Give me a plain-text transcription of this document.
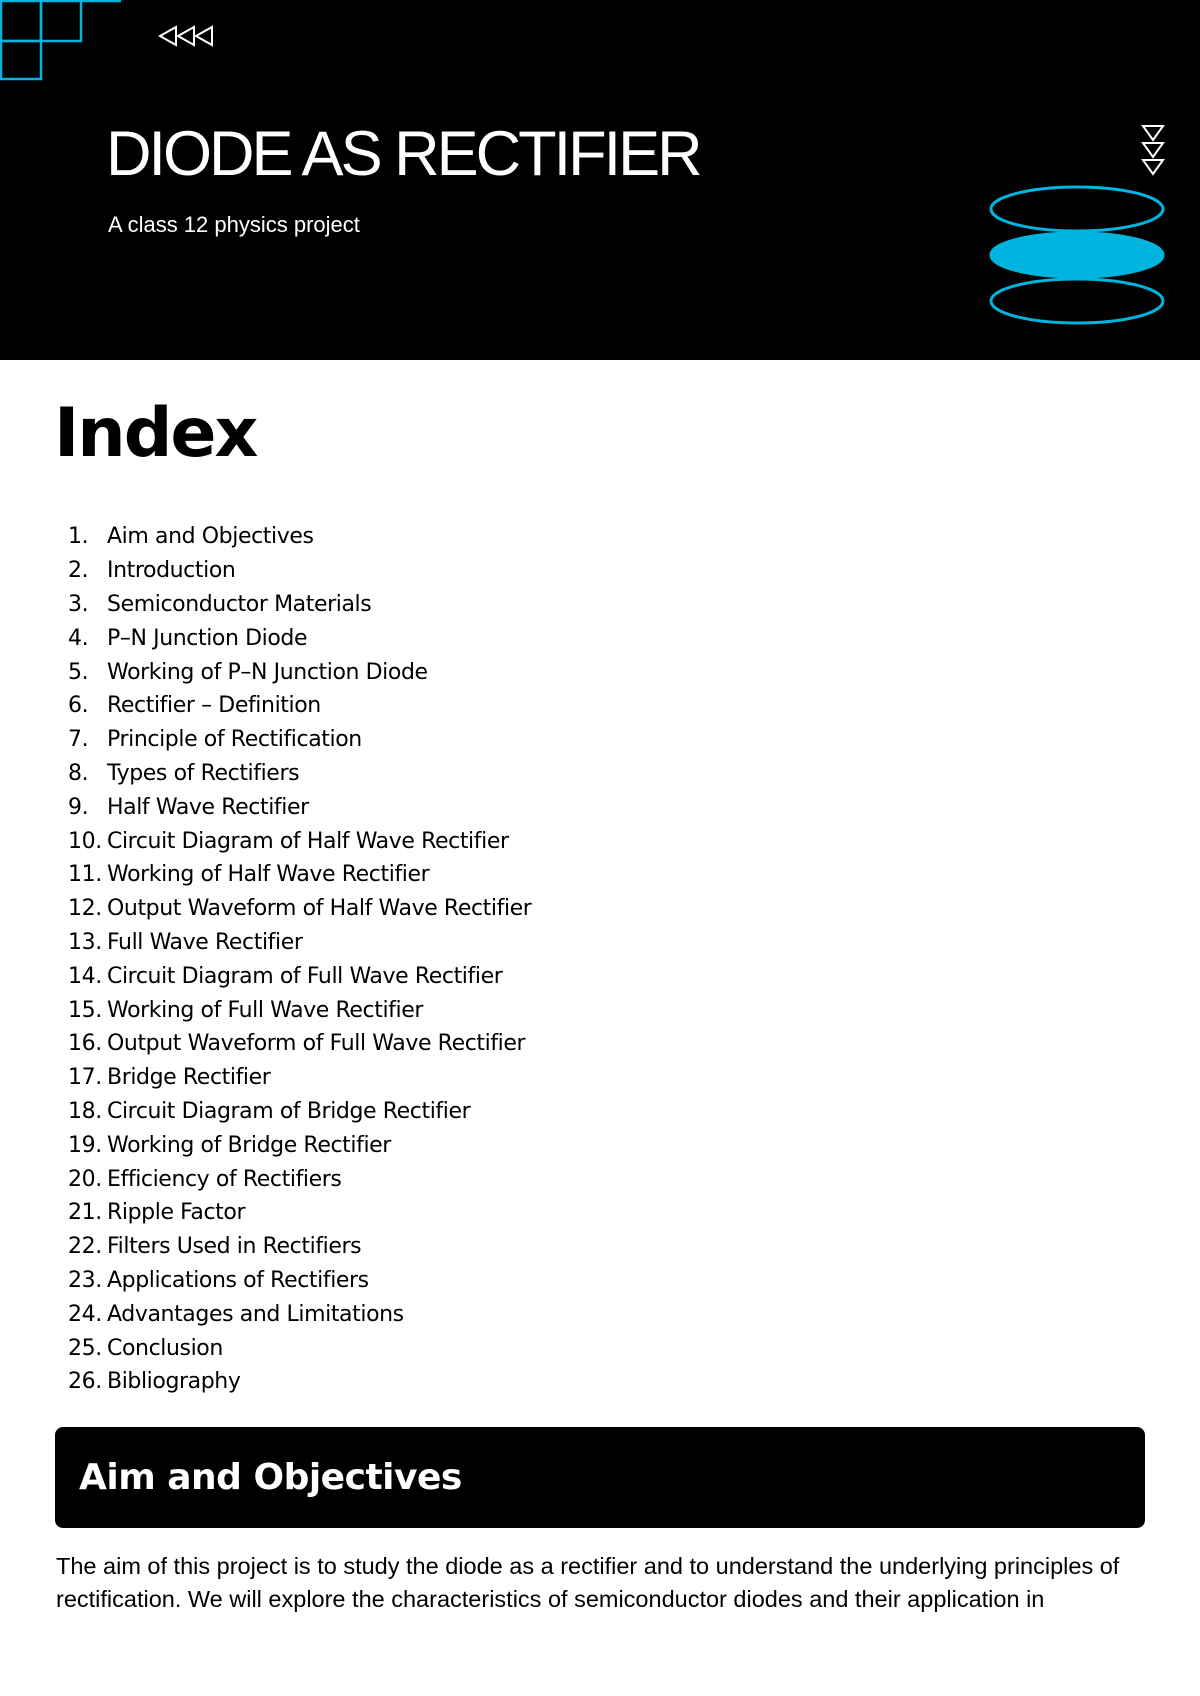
DIODE AS RECTIFIER
A class 12 physics project
Index
1. Aim and Objectives
2. Introduction
3. Semiconductor Materials
4. P–N Junction Diode
5. Working of P–N Junction Diode
6. Rectifier – Definition
7. Principle of Rectification
8. Types of Rectifiers
9. Half Wave Rectifier
10. Circuit Diagram of Half Wave Rectifier
11. Working of Half Wave Rectifier
12. Output Waveform of Half Wave Rectifier
13. Full Wave Rectifier
14. Circuit Diagram of Full Wave Rectifier
15. Working of Full Wave Rectifier
16. Output Waveform of Full Wave Rectifier
17. Bridge Rectifier
18. Circuit Diagram of Bridge Rectifier
19. Working of Bridge Rectifier
20. Efficiency of Rectifiers
21. Ripple Factor
22. Filters Used in Rectifiers
23. Applications of Rectifiers
24. Advantages and Limitations
25. Conclusion
26. Bibliography
Aim and Objectives

The aim of this project is to study the diode as a rectifier and to understand the underlying principles of rectification. We will explore the characteristics of semiconductor diodes and their application in
